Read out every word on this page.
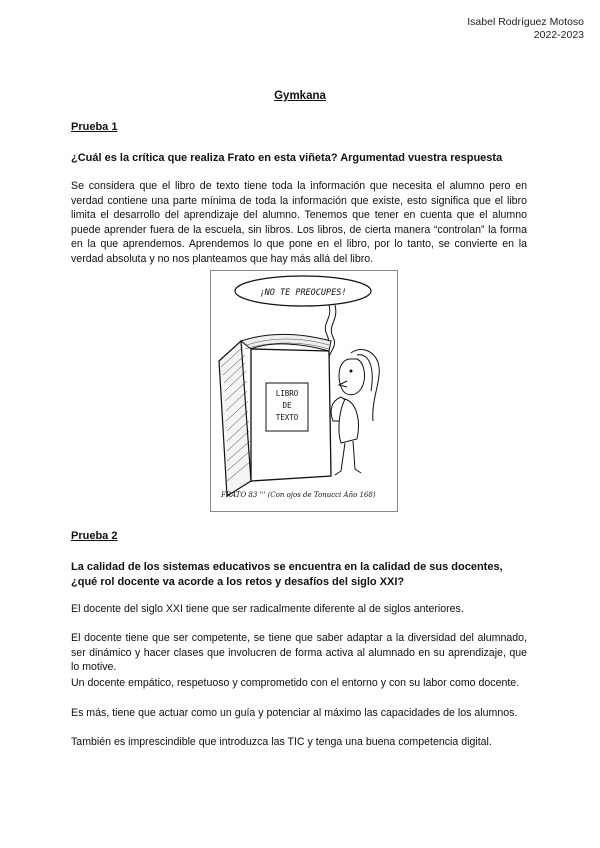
Isabel Rodríguez Motoso
2022-2023
Gymkana
Prueba 1
¿Cuál es la crítica que realiza Frato en esta viñeta? Argumentad vuestra respuesta
Se considera que el libro de texto tiene toda la información que necesita el alumno pero en verdad contiene una parte mínima de toda la información que existe, esto significa que el libro limita el desarrollo del aprendizaje del alumno. Tenemos que tener en cuenta que el alumno puede aprender fuera de la escuela, sin libros. Los libros, de cierta manera “controlan” la forma en la que aprendemos. Aprendemos lo que pone en el libro, por lo tanto, se convierte en la verdad absoluta y no nos planteamos que hay más allá del libro.
¡NO TE PREOCUPES!
LIBRO
DE
TEXTO
FRATO 83 ''' (Con ojos de Tonucci Año 168)
Prueba 2
La calidad de los sistemas educativos se encuentra en la calidad de sus docentes, ¿qué rol docente va acorde a los retos y desafíos del siglo XXI?
El docente del siglo XXI tiene que ser radicalmente diferente al de siglos anteriores.
El docente tiene que ser competente, se tiene que saber adaptar a la diversidad del alumnado, ser dinámico y hacer clases que involucren de forma activa al alumnado en su aprendizaje, que lo motive.
Un docente empático, respetuoso y comprometido con el entorno y con su labor como docente.
Es más, tiene que actuar como un guía y potenciar al máximo las capacidades de los alumnos.
También es imprescindible que introduzca las TIC y tenga una buena competencia digital.
